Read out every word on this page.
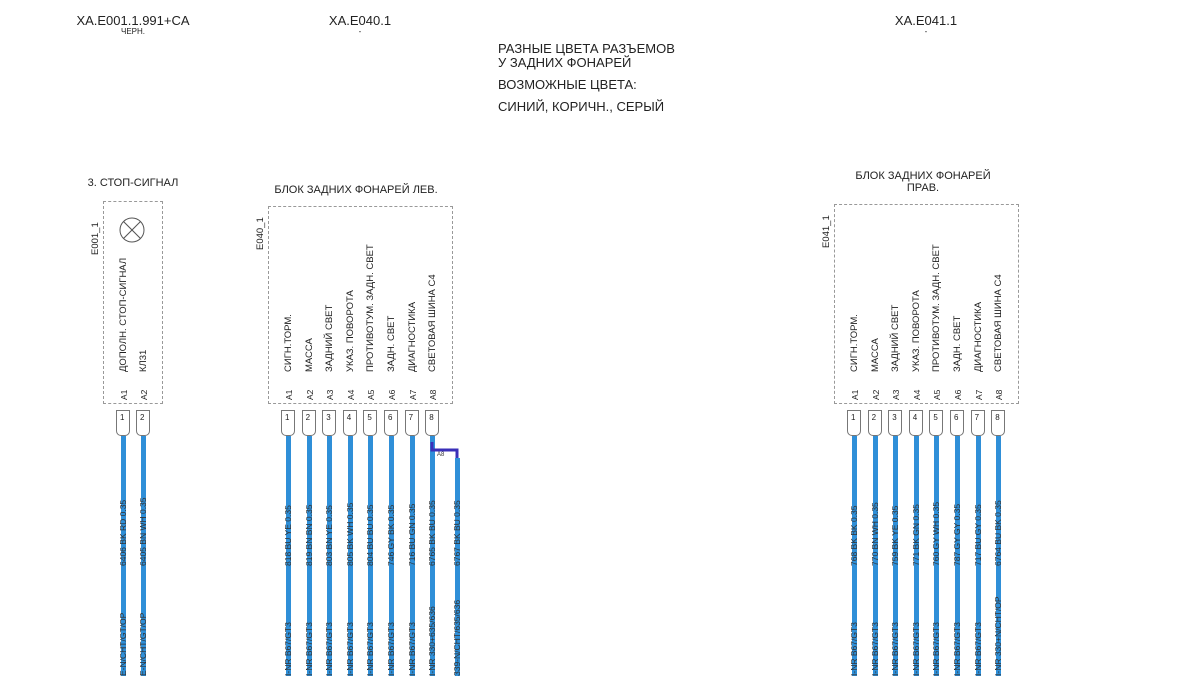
XA.E001.1.991+CA
ЧЕРН.
XA.E040.1
-
XA.E041.1
-
РАЗНЫЕ ЦВЕТА РАЗЪЕМОВ
У ЗАДНИХ ФОНАРЕЙ
ВОЗМОЖНЫЕ ЦВЕТА:
СИНИЙ, КОРИЧН., СЕРЫЙ
3. СТОП-СИГНАЛ
E001_1
ДОПОЛН. СТОП-СИГНАЛ КЛ31
A1 A2
1 2
6406 BK RD 0.35 6405 BN WH 0.35
E-N/CHT/GT/OP E-N/CHT/GT/OP
БЛОК ЗАДНИХ ФОНАРЕЙ ЛЕВ.
E040_1
СИГН.ТОРМ.
A1
1
818 BU YE 0.35
I-NR B67/GT3
МАССА
A2
2
819 BN BN 0.35
I-NR B67/GT3
ЗАДНИЙ СВЕТ
A3
3
803 BN YE 0.35
I-NR B67/GT3
УКАЗ. ПОВОРОТА
A4
4
805 BK WH 0.35
I-NR B67/GT3
ПРОТИВОТУМ. ЗАДН. СВЕТ
A5
5
804 BU BU 0.35
I-NR B67/GT3
ЗАДН. СВЕТ
A6
6
746 GY BK 0.35
I-NR B67/GT3
ДИАГНОСТИКА
A7
7
716 BU GN 0.35
I-NR B67/GT3
СВЕТОВАЯ ШИНА C4
A8
8
6765 BK BU 0.35
I-NR 330+635/636
БЛОК ЗАДНИХ ФОНАРЕЙ
ПРАВ.
E041_1
СИГН.ТОРМ.
A1
1
768 BK BK 0.35
I-NR B67/GT3
МАССА
A2
2
770 BN WH 0.35
I-NR B67/GT3
ЗАДНИЙ СВЕТ
A3
3
759 BK YE 0.35
I-NR B67/GT3
УКАЗ. ПОВОРОТА
A4
4
771 BK GN 0.35
I-NR B67/GT3
ПРОТИВОТУМ. ЗАДН. СВЕТ
A5
5
760 GY WH 0.35
I-NR B67/GT3
ЗАДН. СВЕТ
A6
6
787 GY GY 0.35
I-NR B67/GT3
ДИАГНОСТИКА
A7
7
717 BU GY 0.35
I-NR B67/GT3
СВЕТОВАЯ ШИНА C4
A8
8
6764 BU BK 0.35
I-NR 330+N/CHT/OP
A8
6767 BK BU 0.35
339-N/CHT/635/636
